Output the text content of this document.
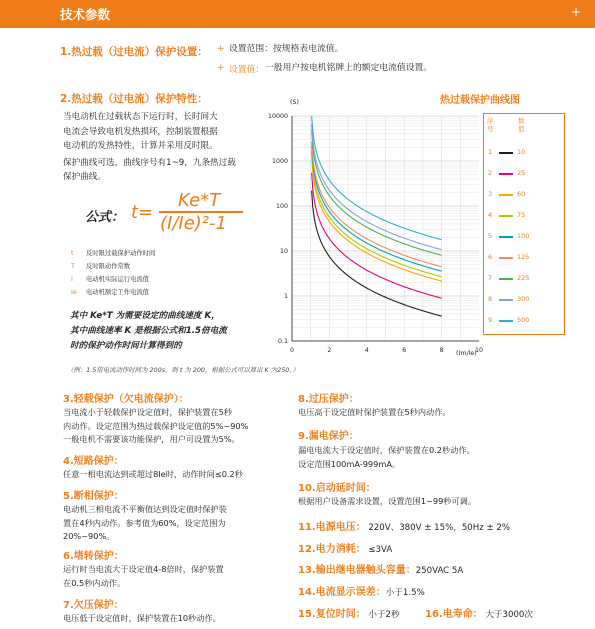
技术参数	+
1.热过载（过电流）保护设置： + 设置范围：按规格表电流值。
+ 设置值： 一般用户按电机铭牌上的额定电流值设置。
2.热过载（过电流）保护特性：
当电动机在过载状态下运行时，长时间大
电流会导致电机发热损坏，控制装置根据
电动机的发热特性，计算并采用反时限。
保护曲线可选，曲线序号有1~9，九条热过载
保护曲线。
公式： t=
Ke*T
(I/Ie)²-1
t 反时限过载保护动作时间
T 反时限动作常数
I 电动机实际运行电流值
Ie 电动机额定工作电流值
其中 Ke*T 为需要设定的曲线速度 K，
其中曲线速率 K 是根据公式和1.5倍电流
时的保护动作时间计算得到的
（例：1.5倍电流动作时间为 200s，则 t 为 200，根据公式可以算出 K 为250。）
热过载保护曲线图
(S)
(Im/Ie)
10000
1000
100
10
1
0.1
0	2	4	6	8	10
序号
数值
1	10
2	25
3	60
4	75
5	100
6	125
7	225
8	300
9	500
3.轻载保护（欠电流保护）：
当电流小于轻载保护设定值时，保护装置在5秒
内动作。设定范围为热过载保护设定值的5%~90%
一般电机不需要该功能保护，用户可设置为5%。
4.短路保护：
任意一相电流达到或超过8Ie时，动作时间≤0.2秒
5.断相保护：
电动机三相电流不平衡值达到设定值时保护装
置在4秒内动作。参考值为60%，设定范围为
20%~90%。
6.堵转保护：
运行时当电流大于设定值4-8倍时，保护装置
在0.5秒内动作。
7.欠压保护：
电压低于设定值时，保护装置在10秒动作。
8.过压保护：
电压高于设定值时保护装置在5秒内动作。
9.漏电保护：
漏电电流大于设定值时，保护装置在0.2秒动作。
设定范围100mA-999mA。
10.启动延时间：
根据用户设备需求设置，设置范围1~99秒可调。
11.电源电压： 220V、380V ± 15%，50Hz ± 2%
12.电力消耗： ≤3VA
13.输出继电器触头容量：250VAC 5A
14.电流显示误差：小于1.5%
15.复位时间： 小于2秒	16.电寿命： 大于3000次
